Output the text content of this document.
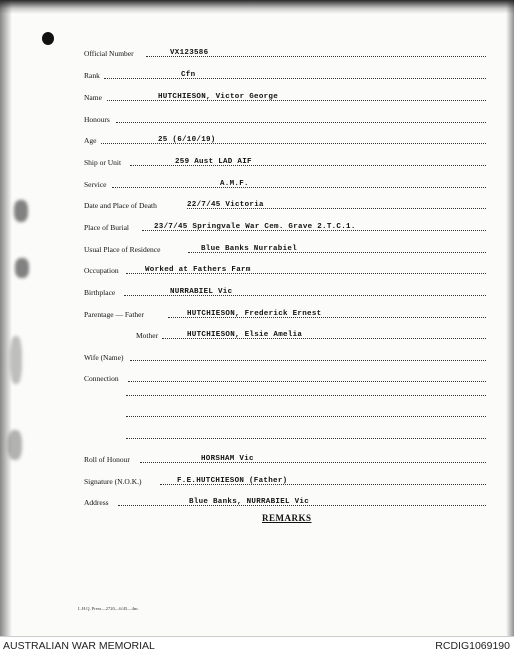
Official Number	VX123586
Rank	Cfn
Name	HUTCHIESON, Victor George
Honours
Age	25 (6/10/19)
Ship or Unit	259 Aust LAD AIF
Service	A.M.F.
Date and Place of Death	22/7/45 Victoria
Place of Burial	23/7/45 Springvale War Cem. Grave 2.T.C.1.
Usual Place of Residence	Blue Banks Nurrabiel
Occupation	Worked at Fathers Farm
Birthplace	NURRABIEL Vic
Parentage — Father	HUTCHIESON, Frederick Ernest
Mother	HUTCHIESON, Elsie Amelia
Wife (Name)
Connection
Roll of Honour	HORSHAM Vic
Signature (N.O.K.)	F.E.HUTCHIESON (Father)
Address	Blue Banks, NURRABIEL Vic
REMARKS
L.H.Q. Press—2720—6/45—4m.
AUSTRALIAN WAR MEMORIAL	RCDIG1069190
